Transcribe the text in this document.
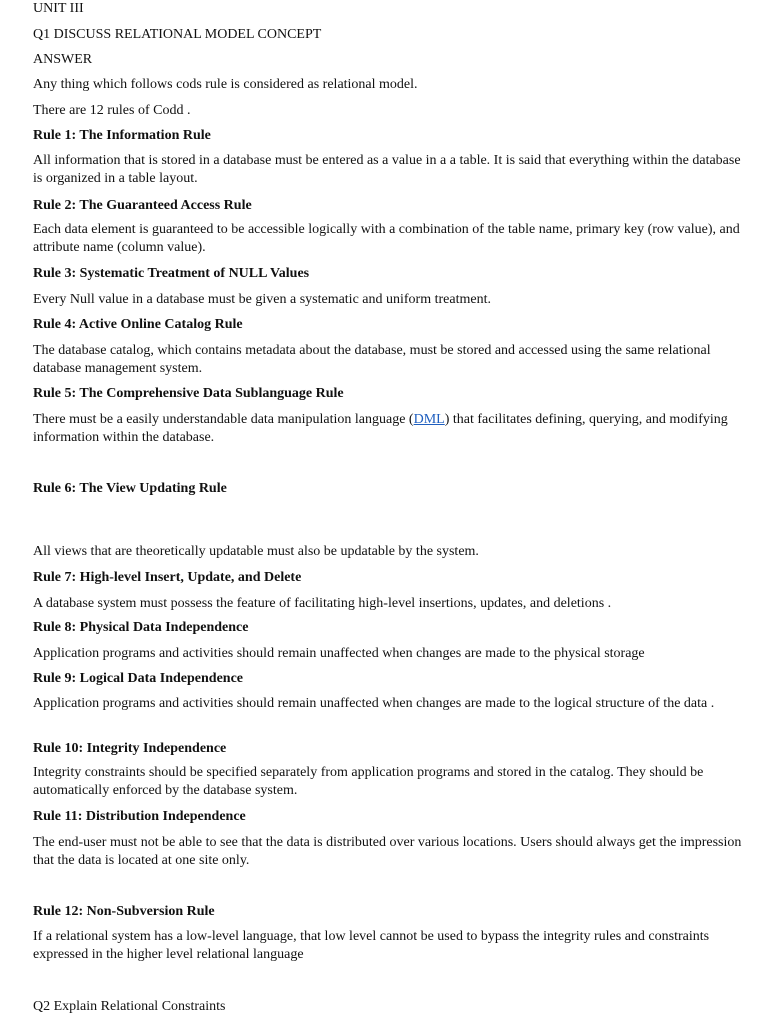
UNIT III
Q1 DISCUSS RELATIONAL MODEL CONCEPT
ANSWER
Any thing which follows cods rule is considered as relational model.
There are 12 rules of Codd .
Rule 1: The Information Rule
All information that is stored in a database must be entered as a value in a a table. It is said that everything within the database is organized in a table layout.
Rule 2: The Guaranteed Access Rule
Each data element is guaranteed to be accessible logically with a combination of the table name, primary key (row value), and attribute name (column value).
Rule 3: Systematic Treatment of NULL Values
Every Null value in a database must be given a systematic and uniform treatment.
Rule 4: Active Online Catalog Rule
The database catalog, which contains metadata about the database, must be stored and accessed using the same relational database management system.
Rule 5: The Comprehensive Data Sublanguage Rule
There must be a easily understandable data manipulation language (DML) that facilitates defining, querying, and modifying information within the database.
Rule 6: The View Updating Rule
All views that are theoretically updatable must also be updatable by the system.
Rule 7: High-level Insert, Update, and Delete
A database system must possess the feature of facilitating high-level insertions, updates, and deletions .
Rule 8: Physical Data Independence
Application programs and activities should remain unaffected when changes are made to the physical storage
Rule 9: Logical Data Independence
Application programs and activities should remain unaffected when changes are made to the logical structure of the data .
Rule 10: Integrity Independence
Integrity constraints should be specified separately from application programs and stored in the catalog. They should be automatically enforced by the database system.
Rule 11: Distribution Independence
The end-user must not be able to see that the data is distributed over various locations. Users should always get the impression that the data is located at one site only.
Rule 12: Non-Subversion Rule
If a relational system has a low-level language, that low level cannot be used to bypass the integrity rules and constraints expressed in the higher level relational language
Q2 Explain Relational Constraints
